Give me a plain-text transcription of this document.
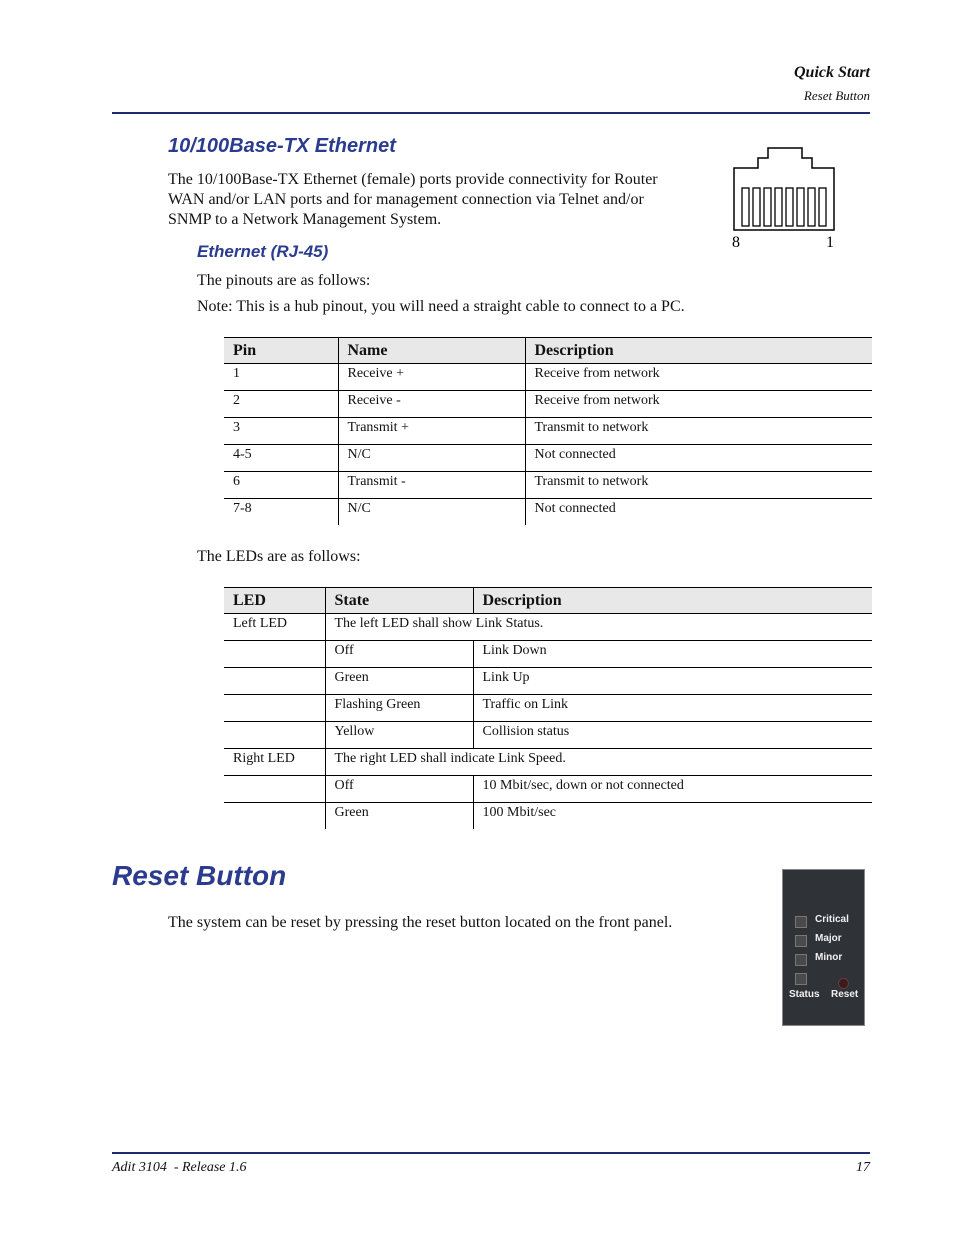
Quick Start
Reset Button
10/100Base-TX Ethernet
The 10/100Base-TX Ethernet (female) ports provide connectivity for Router
WAN and/or LAN ports and for management connection via Telnet and/or
SNMP to a Network Management System.
8	1
Ethernet (RJ-45)
The pinouts are as follows:
Note: This is a hub pinout, you will need a straight cable to connect to a PC.
Pin	Name	Description
1	Receive +	Receive from network
2	Receive -	Receive from network
3	Transmit +	Transmit to network
4-5	N/C	Not connected
6	Transmit -	Transmit to network
7-8	N/C	Not connected
The LEDs are as follows:
LED	State	Description
Left LED	The left LED shall show Link Status.	
	Off	Link Down
	Green	Link Up
	Flashing Green	Traffic on Link
	Yellow	Collision status
Right LED	The right LED shall indicate Link Speed.	
	Off	10 Mbit/sec, down or not connected
	Green	100 Mbit/sec
Reset Button
The system can be reset by pressing the reset button located on the front panel.	Critical
Major
Minor
Status Reset
Adit 3104  - Release 1.6	17
